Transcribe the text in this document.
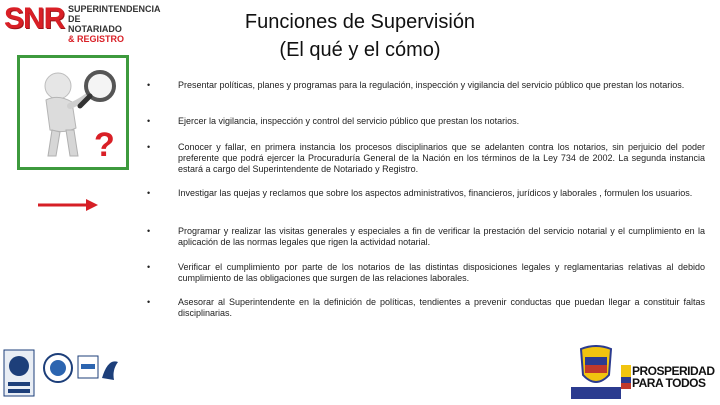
SNR SUPERINTENDENCIA DE
NOTARIADO
& REGISTRO
Funciones de Supervisión
(El qué y el cómo)
?
•	Presentar políticas, planes y programas para la regulación, inspección y vigilancia del servicio público que prestan los notarios.
•	Ejercer la vigilancia, inspección y control del servicio público que prestan los notarios.
•	Conocer y fallar, en primera instancia los procesos disciplinarios que se adelanten contra los notarios, sin perjuicio del poder preferente que podrá ejercer la Procuraduría General de la Nación en los términos de la Ley 734 de 2002. La segunda instancia estará a cargo del Superintendente de Notariado y Registro.
•	Investigar las quejas y reclamos que sobre los aspectos administrativos, financieros, jurídicos y laborales , formulen los usuarios.
•	Programar y realizar las visitas generales y especiales a fin de verificar la prestación del servicio notarial y el cumplimiento en la aplicación de las normas legales que rigen la actividad notarial.
•	Verificar el cumplimiento por parte de los notarios de las distintas disposiciones legales y reglamentarias relativas al debido cumplimiento de las obligaciones que surgen de las relaciones laborales.
•	Asesorar al Superintendente en la definición de políticas, tendientes a prevenir conductas que puedan llegar a constituir faltas disciplinarias.
PROSPERIDAD
PARA TODOS
